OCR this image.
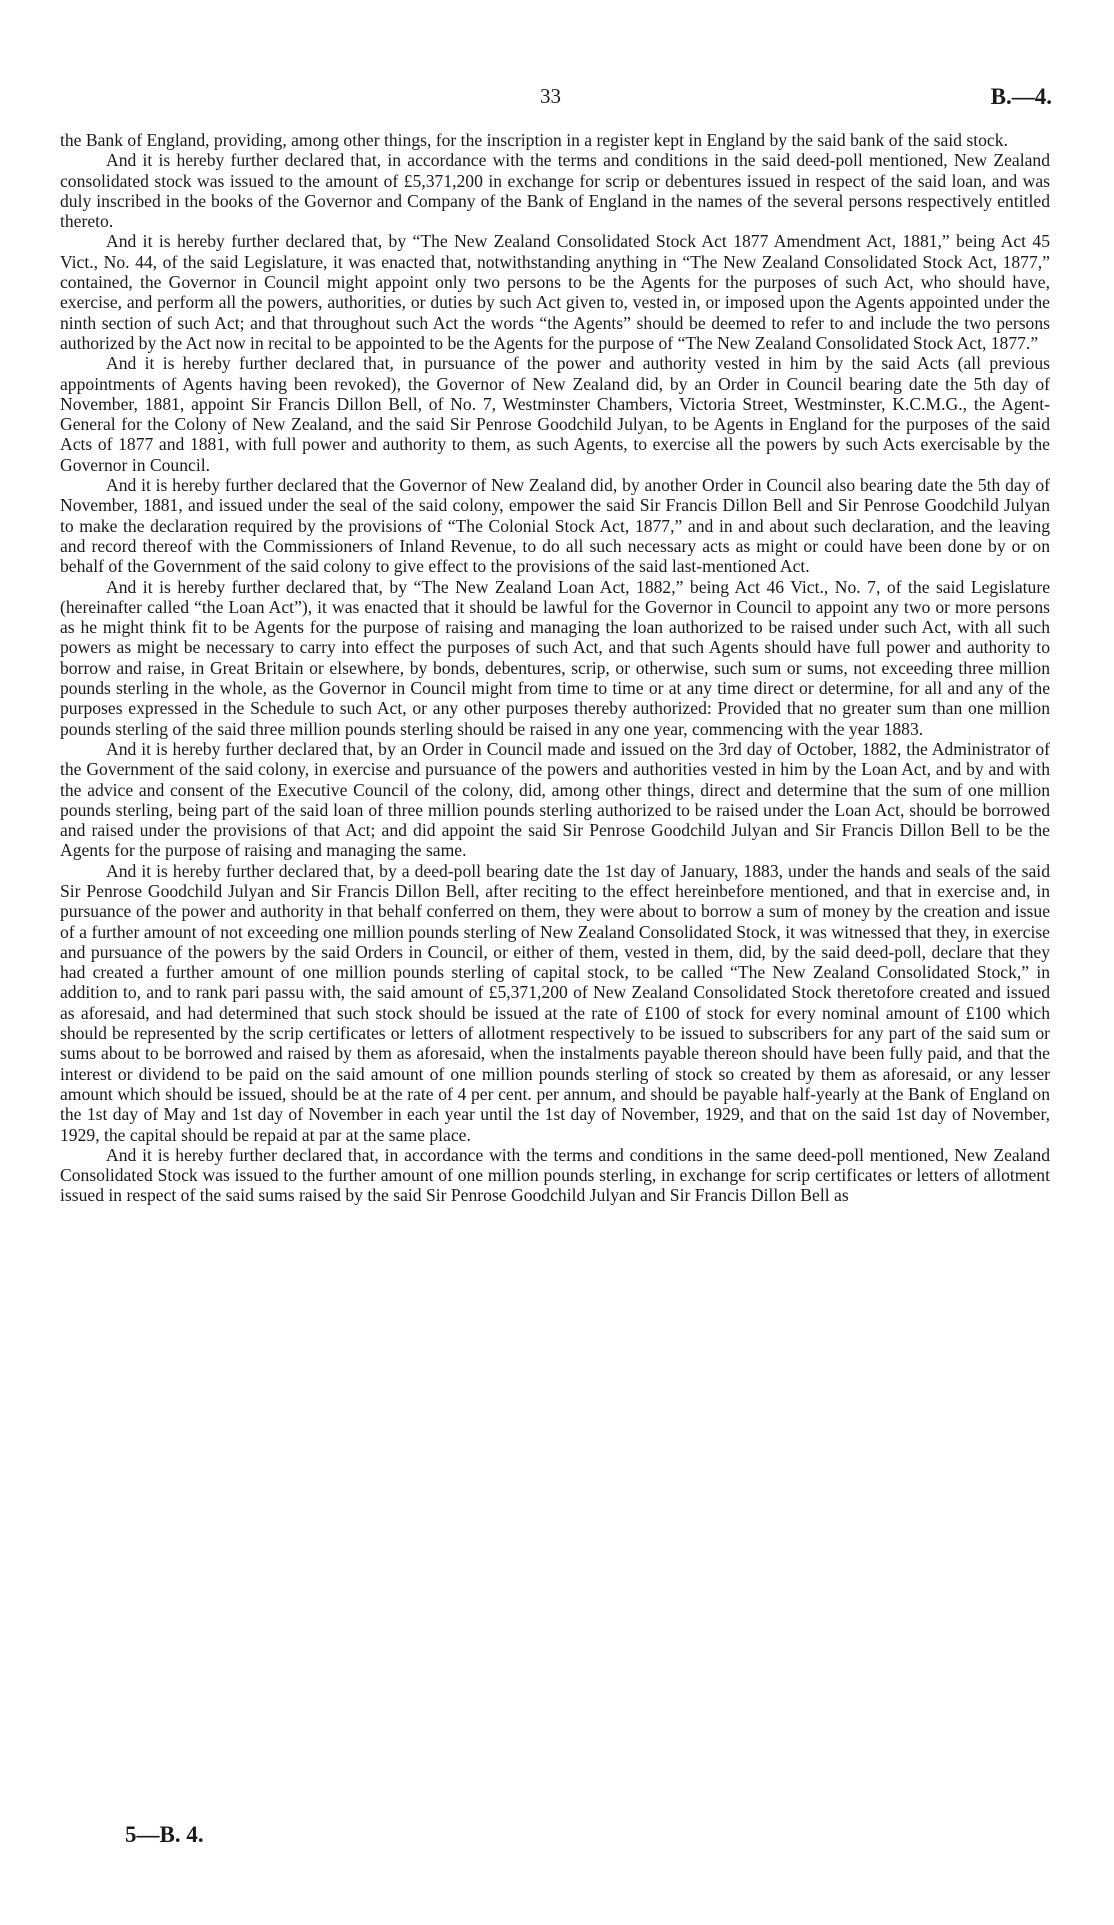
33	B.—4.

the Bank of England, providing, among other things, for the inscription in a register kept in England by the said bank of the said stock.

And it is hereby further declared that, in accordance with the terms and conditions in the said deed-poll mentioned, New Zealand consolidated stock was issued to the amount of £5,371,200 in exchange for scrip or debentures issued in respect of the said loan, and was duly inscribed in the books of the Governor and Company of the Bank of England in the names of the several persons respectively entitled thereto.

And it is hereby further declared that, by “The New Zealand Consolidated Stock Act 1877 Amendment Act, 1881,” being Act 45 Vict., No. 44, of the said Legislature, it was enacted that, notwithstanding anything in “The New Zealand Consolidated Stock Act, 1877,” contained, the Governor in Council might appoint only two persons to be the Agents for the purposes of such Act, who should have, exercise, and perform all the powers, authorities, or duties by such Act given to, vested in, or imposed upon the Agents appointed under the ninth section of such Act; and that throughout such Act the words “the Agents” should be deemed to refer to and include the two persons authorized by the Act now in recital to be appointed to be the Agents for the purpose of “The New Zealand Consolidated Stock Act, 1877.”

And it is hereby further declared that, in pursuance of the power and authority vested in him by the said Acts (all previous appointments of Agents having been revoked), the Governor of New Zealand did, by an Order in Council bearing date the 5th day of November, 1881, appoint Sir Francis Dillon Bell, of No. 7, Westminster Chambers, Victoria Street, Westminster, K.C.M.G., the Agent-General for the Colony of New Zealand, and the said Sir Penrose Goodchild Julyan, to be Agents in England for the purposes of the said Acts of 1877 and 1881, with full power and authority to them, as such Agents, to exercise all the powers by such Acts exercisable by the Governor in Council.

And it is hereby further declared that the Governor of New Zealand did, by another Order in Council also bearing date the 5th day of November, 1881, and issued under the seal of the said colony, empower the said Sir Francis Dillon Bell and Sir Penrose Goodchild Julyan to make the declaration required by the provisions of “The Colonial Stock Act, 1877,” and in and about such declaration, and the leaving and record thereof with the Commissioners of Inland Revenue, to do all such necessary acts as might or could have been done by or on behalf of the Government of the said colony to give effect to the provisions of the said last-mentioned Act.

And it is hereby further declared that, by “The New Zealand Loan Act, 1882,” being Act 46 Vict., No. 7, of the said Legislature (hereinafter called “the Loan Act”), it was enacted that it should be lawful for the Governor in Council to appoint any two or more persons as he might think fit to be Agents for the purpose of raising and managing the loan authorized to be raised under such Act, with all such powers as might be necessary to carry into effect the purposes of such Act, and that such Agents should have full power and authority to borrow and raise, in Great Britain or elsewhere, by bonds, debentures, scrip, or otherwise, such sum or sums, not exceeding three million pounds sterling in the whole, as the Governor in Council might from time to time or at any time direct or determine, for all and any of the purposes expressed in the Schedule to such Act, or any other purposes thereby authorized: Provided that no greater sum than one million pounds sterling of the said three million pounds sterling should be raised in any one year, commencing with the year 1883.

And it is hereby further declared that, by an Order in Council made and issued on the 3rd day of October, 1882, the Administrator of the Government of the said colony, in exercise and pursuance of the powers and authorities vested in him by the Loan Act, and by and with the advice and consent of the Executive Council of the colony, did, among other things, direct and determine that the sum of one million pounds sterling, being part of the said loan of three million pounds sterling authorized to be raised under the Loan Act, should be borrowed and raised under the provisions of that Act; and did appoint the said Sir Penrose Goodchild Julyan and Sir Francis Dillon Bell to be the Agents for the purpose of raising and managing the same.

And it is hereby further declared that, by a deed-poll bearing date the 1st day of January, 1883, under the hands and seals of the said Sir Penrose Goodchild Julyan and Sir Francis Dillon Bell, after reciting to the effect hereinbefore mentioned, and that in exercise and, in pursuance of the power and authority in that behalf conferred on them, they were about to borrow a sum of money by the creation and issue of a further amount of not exceeding one million pounds sterling of New Zealand Consolidated Stock, it was witnessed that they, in exercise and pursuance of the powers by the said Orders in Council, or either of them, vested in them, did, by the said deed-poll, declare that they had created a further amount of one million pounds sterling of capital stock, to be called “The New Zealand Consolidated Stock,” in addition to, and to rank pari passu with, the said amount of £5,371,200 of New Zealand Consolidated Stock theretofore created and issued as aforesaid, and had determined that such stock should be issued at the rate of £100 of stock for every nominal amount of £100 which should be represented by the scrip certificates or letters of allotment respectively to be issued to subscribers for any part of the said sum or sums about to be borrowed and raised by them as aforesaid, when the instalments payable thereon should have been fully paid, and that the interest or dividend to be paid on the said amount of one million pounds sterling of stock so created by them as aforesaid, or any lesser amount which should be issued, should be at the rate of 4 per cent. per annum, and should be payable half-yearly at the Bank of England on the 1st day of May and 1st day of November in each year until the 1st day of November, 1929, and that on the said 1st day of November, 1929, the capital should be repaid at par at the same place.

And it is hereby further declared that, in accordance with the terms and conditions in the same deed-poll mentioned, New Zealand Consolidated Stock was issued to the further amount of one million pounds sterling, in exchange for scrip certificates or letters of allotment issued in respect of the said sums raised by the said Sir Penrose Goodchild Julyan and Sir Francis Dillon Bell as

5—B. 4.
